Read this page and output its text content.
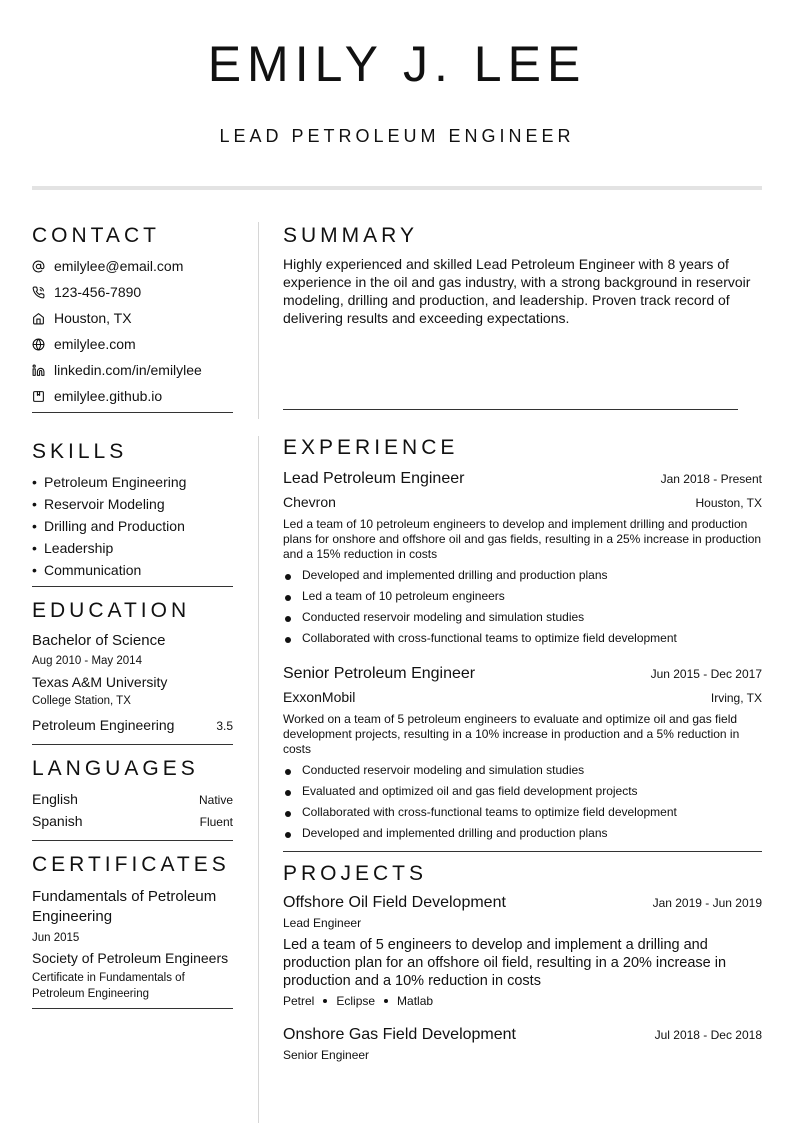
EMILY J. LEE
LEAD PETROLEUM ENGINEER
CONTACT
emilylee@email.com
123-456-7890
Houston, TX
emilylee.com
linkedin.com/in/emilylee
emilylee.github.io
SKILLS
• Petroleum Engineering
• Reservoir Modeling
• Drilling and Production
• Leadership
• Communication
EDUCATION
Bachelor of Science
Aug 2010 - May 2014
Texas A&M University
College Station, TX
Petroleum Engineering	3.5
LANGUAGES
English	Native
Spanish	Fluent
CERTIFICATES
Fundamentals of Petroleum Engineering
Jun 2015
Society of Petroleum Engineers
Certificate in Fundamentals of Petroleum Engineering
SUMMARY

Highly experienced and skilled Lead Petroleum Engineer with 8 years of experience in the oil and gas industry, with a strong background in reservoir modeling, drilling and production, and leadership. Proven track record of delivering results and exceeding expectations.

EXPERIENCE
Lead Petroleum Engineer	Jan 2018 - Present
Chevron	Houston, TX
Led a team of 10 petroleum engineers to develop and implement drilling and production plans for onshore and offshore oil and gas fields, resulting in a 25% increase in production and a 15% reduction in costs
Developed and implemented drilling and production plans
Led a team of 10 petroleum engineers
Conducted reservoir modeling and simulation studies
Collaborated with cross-functional teams to optimize field development
Senior Petroleum Engineer	Jun 2015 - Dec 2017
ExxonMobil	Irving, TX
Worked on a team of 5 petroleum engineers to evaluate and optimize oil and gas field development projects, resulting in a 10% increase in production and a 5% reduction in costs
Conducted reservoir modeling and simulation studies
Evaluated and optimized oil and gas field development projects
Collaborated with cross-functional teams to optimize field development
Developed and implemented drilling and production plans
PROJECTS
Offshore Oil Field Development	Jan 2019 - Jun 2019
Lead Engineer
Led a team of 5 engineers to develop and implement a drilling and production plan for an offshore oil field, resulting in a 20% increase in production and a 10% reduction in costs
Petrel Eclipse Matlab
Onshore Gas Field Development	Jul 2018 - Dec 2018
Senior Engineer
